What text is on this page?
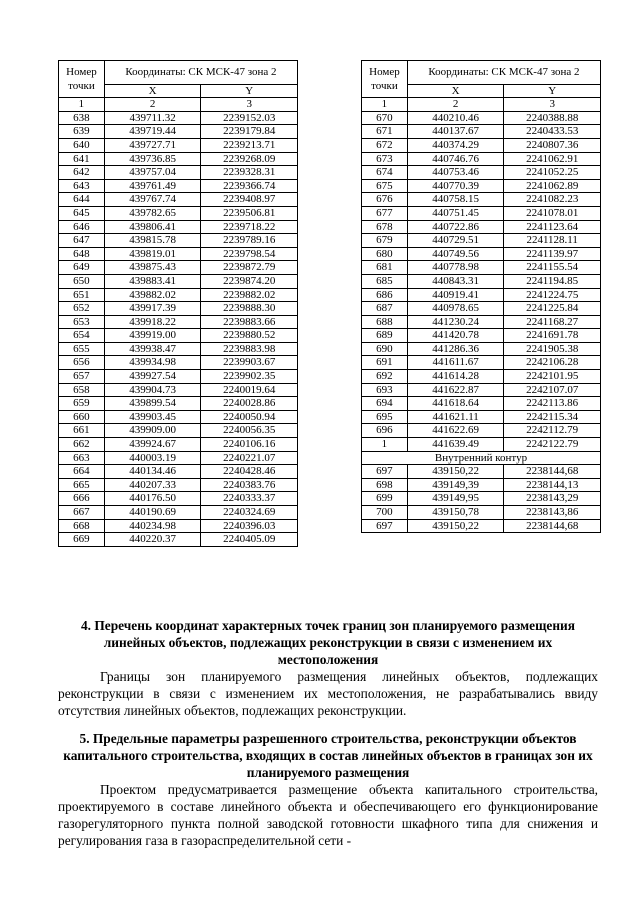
Номер точки	Координаты: СК МСК-47 зона 2	
	X	Y
1	2	3
638	439711.32	2239152.03
639	439719.44	2239179.84
640	439727.71	2239213.71
641	439736.85	2239268.09
642	439757.04	2239328.31
643	439761.49	2239366.74
644	439767.74	2239408.97
645	439782.65	2239506.81
646	439806.41	2239718.22
647	439815.78	2239789.16
648	439819.01	2239798.54
649	439875.43	2239872.79
650	439883.41	2239874.20
651	439882.02	2239882.02
652	439917.39	2239888.30
653	439918.22	2239883.66
654	439919.00	2239880.52
655	439938.47	2239883.98
656	439934.98	2239903.67
657	439927.54	2239902.35
658	439904.73	2240019.64
659	439899.54	2240028.86
660	439903.45	2240050.94
661	439909.00	2240056.35
662	439924.67	2240106.16
663	440003.19	2240221.07
664	440134.46	2240428.46
665	440207.33	2240383.76
666	440176.50	2240333.37
667	440190.69	2240324.69
668	440234.98	2240396.03
669	440220.37	2240405.09
Номер точки	Координаты: СК МСК-47 зона 2	
	X	Y
1	2	3
670	440210.46	2240388.88
671	440137.67	2240433.53
672	440374.29	2240807.36
673	440746.76	2241062.91
674	440753.46	2241052.25
675	440770.39	2241062.89
676	440758.15	2241082.23
677	440751.45	2241078.01
678	440722.86	2241123.64
679	440729.51	2241128.11
680	440749.56	2241139.97
681	440778.98	2241155.54
685	440843.31	2241194.85
686	440919.41	2241224.75
687	440978.65	2241225.84
688	441230.24	2241168.27
689	441420.78	2241691.78
690	441286.36	2241905.38
691	441611.67	2242106.28
692	441614.28	2242101.95
693	441622.87	2242107.07
694	441618.64	2242113.86
695	441621.11	2242115.34
696	441622.69	2242112.79
1	441639.49	2242122.79
Внутренний контур		
697	439150,22	2238144,68
698	439149,39	2238144,13
699	439149,95	2238143,29
700	439150,78	2238143,86
697	439150,22	2238144,68

4. Перечень координат характерных точек границ зон планируемого размещения линейных объектов, подлежащих реконструкции в связи с изменением их местоположения

Границы зон планируемого размещения линейных объектов, подлежащих реконструкции в связи с изменением их местоположения, не разрабатывались ввиду отсутствия линейных объектов, подлежащих реконструкции.

5. Предельные параметры разрешенного строительства, реконструкции объектов капитального строительства, входящих в состав линейных объектов в границах зон их планируемого размещения

Проектом предусматривается размещение объекта капитального строительства, проектируемого в составе линейного объекта и обеспечивающего его функционирование газорегуляторного пункта полной заводской готовности шкафного типа для снижения и регулирования газа в газораспределительной сети -
